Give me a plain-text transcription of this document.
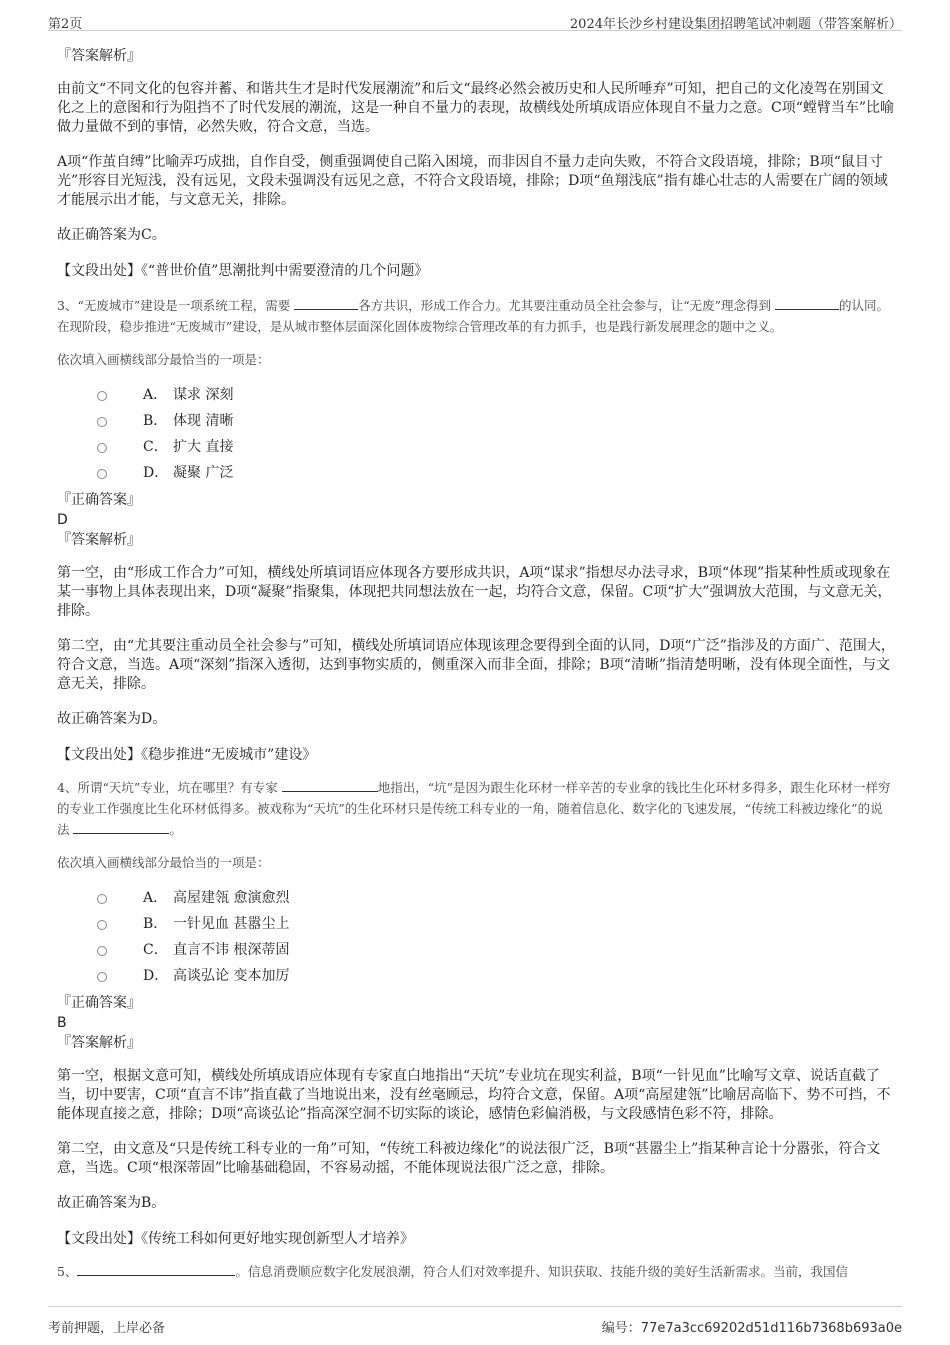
第2页	2024年长沙乡村建设集团招聘笔试冲刺题（带答案解析）
『答案解析』

由前文“不同文化的包容并蓄、和谐共生才是时代发展潮流”和后文“最终必然会被历史和人民所唾弃”可知，把自己的文化凌驾在别国文化之上的意图和行为阻挡不了时代发展的潮流，这是一种自不量力的表现，故横线处所填成语应体现自不量力之意。C项“螳臂当车”比喻做力量做不到的事情，必然失败，符合文意，当选。

A项“作茧自缚”比喻弄巧成拙，自作自受，侧重强调使自己陷入困境，而非因自不量力走向失败，不符合文段语境，排除；B项“鼠目寸光”形容目光短浅，没有远见，文段未强调没有远见之意，不符合文段语境，排除；D项“鱼翔浅底”指有雄心壮志的人需要在广阔的领域才能展示出才能，与文意无关，排除。

故正确答案为C。
【文段出处】《“普世价值”思潮批判中需要澄清的几个问题》
3、“无废城市”建设是一项系统工程，需要	各方共识，形成工作合力。尤其要注重动员全社会参与，让“无废”理念得到	的认同。在现阶段，稳步推进“无废城市”建设，是从城市整体层面深化固体废物综合管理改革的有力抓手，也是践行新发展理念的题中之义。
依次填入画横线部分最恰当的一项是：
A． 谋求 深刻
B． 体现 清晰
C． 扩大 直接
D． 凝聚 广泛
『正确答案』
D
『答案解析』

第一空，由“形成工作合力”可知，横线处所填词语应体现各方要形成共识，A项“谋求”指想尽办法寻求，B项“体现”指某种性质或现象在某一事物上具体表现出来，D项“凝聚”指聚集，体现把共同想法放在一起，均符合文意，保留。C项“扩大”强调放大范围，与文意无关，排除。

第二空，由“尤其要注重动员全社会参与”可知，横线处所填词语应体现该理念要得到全面的认同，D项“广泛”指涉及的方面广、范围大，符合文意，当选。A项“深刻”指深入透彻，达到事物实质的，侧重深入而非全面，排除；B项“清晰”指清楚明晰，没有体现全面性，与文意无关，排除。

故正确答案为D。
【文段出处】《稳步推进“无废城市”建设》
4、所谓“天坑”专业，坑在哪里？有专家	地指出，“坑”是因为跟生化环材一样辛苦的专业拿的钱比生化环材多得多，跟生化环材一样穷的专业工作强度比生化环材低得多。被戏称为“天坑”的生化环材只是传统工科专业的一角，随着信息化、数字化的飞速发展，“传统工科被边缘化”的说法	。
依次填入画横线部分最恰当的一项是：
A． 高屋建瓴 愈演愈烈
B． 一针见血 甚嚣尘上
C． 直言不讳 根深蒂固
D． 高谈弘论 变本加厉
『正确答案』
B
『答案解析』

第一空，根据文意可知，横线处所填成语应体现有专家直白地指出“天坑”专业坑在现实利益，B项“一针见血”比喻写文章、说话直截了当，切中要害，C项“直言不讳”指直截了当地说出来，没有丝毫顾忌，均符合文意，保留。A项“高屋建瓴”比喻居高临下、势不可挡，不能体现直接之意，排除；D项“高谈弘论”指高深空洞不切实际的谈论，感情色彩偏消极，与文段感情色彩不符，排除。

第二空，由文意及“只是传统工科专业的一角”可知，“传统工科被边缘化”的说法很广泛，B项“甚嚣尘上”指某种言论十分嚣张，符合文意，当选。C项“根深蒂固”比喻基础稳固，不容易动摇，不能体现说法很广泛之意，排除。

故正确答案为B。
【文段出处】《传统工科如何更好地实现创新型人才培养》
5、	。信息消费顺应数字化发展浪潮，符合人们对效率提升、知识获取、技能升级的美好生活新需求。当前，我国信
考前押题，上岸必备	编号：77e7a3cc69202d51d116b7368b693a0e
